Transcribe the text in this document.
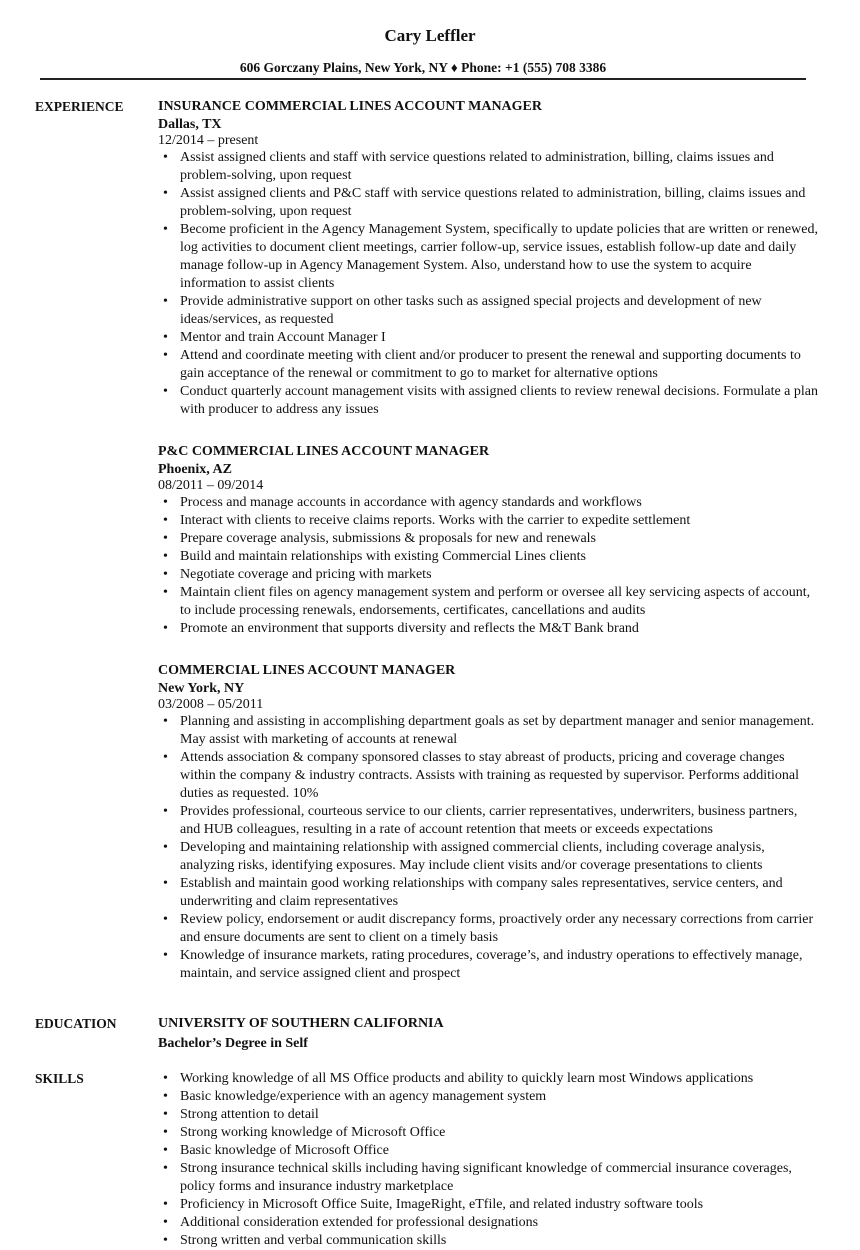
Cary Leffler
606 Gorczany Plains, New York, NY ♦ Phone: +1 (555) 708 3386
EXPERIENCE INSURANCE COMMERCIAL LINES ACCOUNT MANAGER
Dallas, TX
12/2014 – present
• Assist assigned clients and staff with service questions related to administration, billing, claims issues and problem-solving, upon request
• Assist assigned clients and P&C staff with service questions related to administration, billing, claims issues and problem-solving, upon request
• Become proficient in the Agency Management System, specifically to update policies that are written or renewed, log activities to document client meetings, carrier follow-up, service issues, establish follow-up date and daily manage follow-up in Agency Management System. Also, understand how to use the system to acquire information to assist clients
• Provide administrative support on other tasks such as assigned special projects and development of new ideas/services, as requested
• Mentor and train Account Manager I
• Attend and coordinate meeting with client and/or producer to present the renewal and supporting documents to gain acceptance of the renewal or commitment to go to market for alternative options
• Conduct quarterly account management visits with assigned clients to review renewal decisions. Formulate a plan with producer to address any issues
P&C COMMERCIAL LINES ACCOUNT MANAGER
Phoenix, AZ
08/2011 – 09/2014
• Process and manage accounts in accordance with agency standards and workflows
• Interact with clients to receive claims reports. Works with the carrier to expedite settlement
• Prepare coverage analysis, submissions & proposals for new and renewals
• Build and maintain relationships with existing Commercial Lines clients
• Negotiate coverage and pricing with markets
• Maintain client files on agency management system and perform or oversee all key servicing aspects of account, to include processing renewals, endorsements, certificates, cancellations and audits
• Promote an environment that supports diversity and reflects the M&T Bank brand
COMMERCIAL LINES ACCOUNT MANAGER
New York, NY
03/2008 – 05/2011
• Planning and assisting in accomplishing department goals as set by department manager and senior management. May assist with marketing of accounts at renewal
• Attends association & company sponsored classes to stay abreast of products, pricing and coverage changes within the company & industry contracts. Assists with training as requested by supervisor. Performs additional duties as requested. 10%
• Provides professional, courteous service to our clients, carrier representatives, underwriters, business partners, and HUB colleagues, resulting in a rate of account retention that meets or exceeds expectations
• Developing and maintaining relationship with assigned commercial clients, including coverage analysis, analyzing risks, identifying exposures. May include client visits and/or coverage presentations to clients
• Establish and maintain good working relationships with company sales representatives, service centers, and underwriting and claim representatives
• Review policy, endorsement or audit discrepancy forms, proactively order any necessary corrections from carrier and ensure documents are sent to client on a timely basis
• Knowledge of insurance markets, rating procedures, coverage’s, and industry operations to effectively manage, maintain, and service assigned client and prospect
EDUCATION	UNIVERSITY OF SOUTHERN CALIFORNIA
Bachelor’s Degree in Self
SKILLS
•	Working knowledge of all MS Office products and ability to quickly learn most Windows applications
• Basic knowledge/experience with an agency management system
• Strong attention to detail
• Strong working knowledge of Microsoft Office
• Basic knowledge of Microsoft Office
• Strong insurance technical skills including having significant knowledge of commercial insurance coverages, policy forms and insurance industry marketplace
• Proficiency in Microsoft Office Suite, ImageRight, eTfile, and related industry software tools
• Additional consideration extended for professional designations
• Strong written and verbal communication skills
